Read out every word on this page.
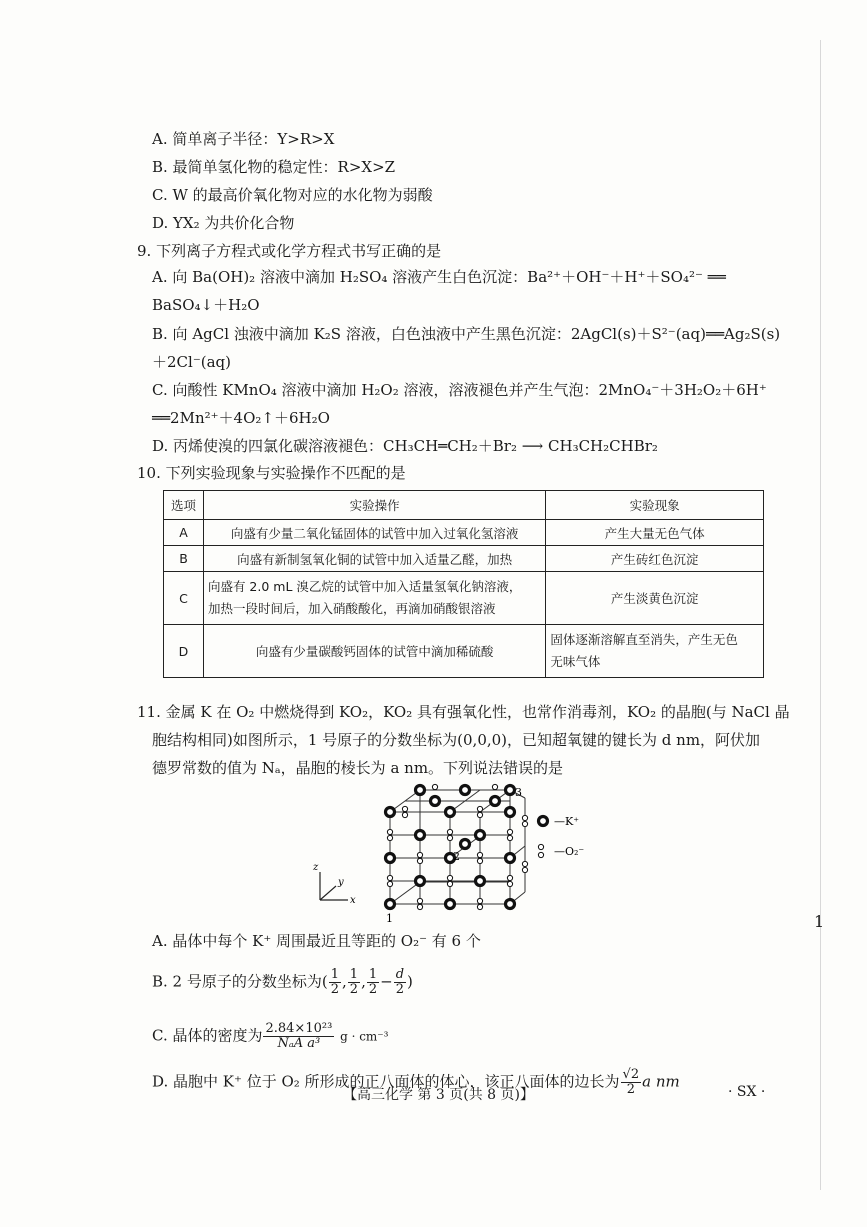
A. 简单离子半径：Y>R>X
B. 最简单氢化物的稳定性：R>X>Z
C. W 的最高价氧化物对应的水化物为弱酸
D. YX₂ 为共价化合物
9. 下列离子方程式或化学方程式书写正确的是
A. 向 Ba(OH)₂ 溶液中滴加 H₂SO₄ 溶液产生白色沉淀：Ba²⁺＋OH⁻＋H⁺＋SO₄²⁻ ══
BaSO₄↓＋H₂O
B. 向 AgCl 浊液中滴加 K₂S 溶液，白色浊液中产生黑色沉淀：2AgCl(s)＋S²⁻(aq)══Ag₂S(s)
＋2Cl⁻(aq)
C. 向酸性 KMnO₄ 溶液中滴加 H₂O₂ 溶液，溶液褪色并产生气泡：2MnO₄⁻＋3H₂O₂＋6H⁺
══2Mn²⁺＋4O₂↑＋6H₂O
D. 丙烯使溴的四氯化碳溶液褪色：CH₃CH═CH₂＋Br₂ ⟶ CH₃CH₂CHBr₂
10. 下列实验现象与实验操作不匹配的是
选项	实验操作	实验现象
A	向盛有少量二氧化锰固体的试管中加入过氧化氢溶液	产生大量无色气体
B	向盛有新制氢氧化铜的试管中加入适量乙醛，加热	产生砖红色沉淀
C	向盛有 2.0 mL 溴乙烷的试管中加入适量氢氧化钠溶液，
加热一段时间后，加入硝酸酸化，再滴加硝酸银溶液	产生淡黄色沉淀
D	向盛有少量碳酸钙固体的试管中滴加稀硫酸	固体逐渐溶解直至消失，产生无色
无味气体
11. 金属 K 在 O₂ 中燃烧得到 KO₂，KO₂ 具有强氧化性，也常作消毒剂，KO₂ 的晶胞(与 NaCl 晶
胞结构相同)如图所示，1 号原子的分数坐标为(0,0,0)，已知超氧键的键长为 d nm，阿伏加
德罗常数的值为 Nₐ，晶胞的棱长为 a nm。下列说法错误的是
z
y
x
1
2
3
—K⁺
—O₂⁻
A. 晶体中每个 K⁺ 周围最近且等距的 O₂⁻ 有 6 个
B. 2 号原子的分数坐标为( $\frac{1}{2}$ , $\frac{1}{2}$ , $\frac{1}{2} - \frac{d}{2}$ )
C. 晶体的密度为 $\frac{\text{2.84×10²³}}{\text{NₐA a³}}$ g · cm⁻³
D. 晶胞中 K⁺ 位于 O₂ 所形成的正八面体的体心，该正八面体的边长为 $\frac{√2}{2}$ a nm
【高三化学 第 3 页(共 8 页)】	· SX ·
1
